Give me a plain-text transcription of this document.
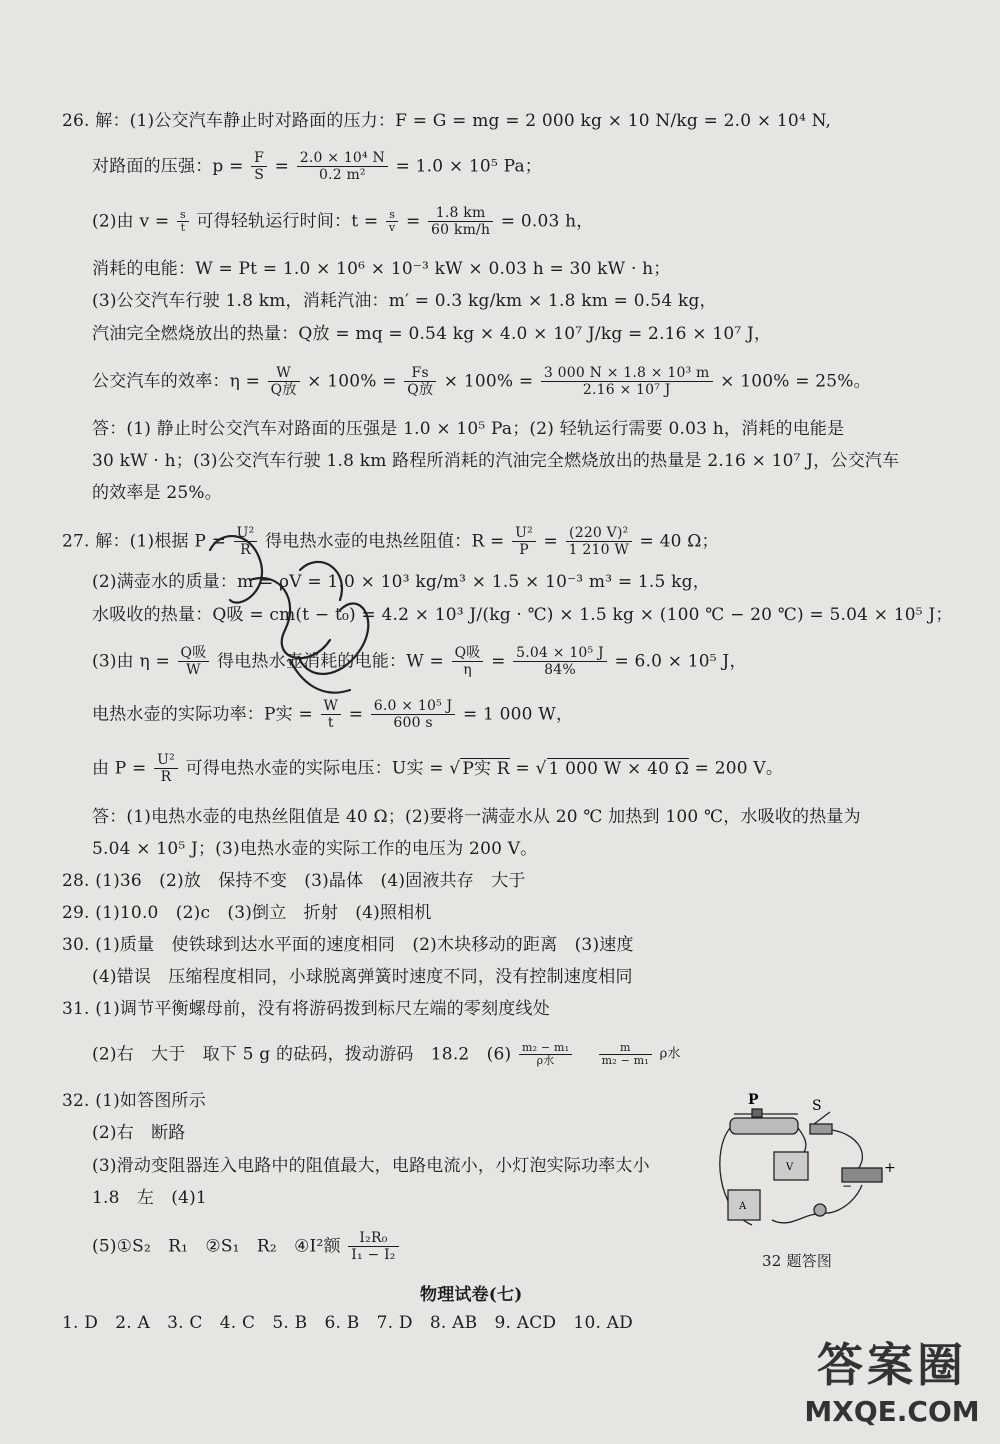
26. 解：(1)公交汽车静止时对路面的压力：F = G = mg = 2 000 kg × 10 N/kg = 2.0 × 10⁴ N,
对路面的压强：$p = \frac{F}{S} = \frac{\text{2.0 × 10⁴ N}}{\text{0.2 m²}} = 1.0 \times 10^5$ Pa；
(2)由 $v = \frac{s}{t}$ 可得轻轨运行时间：$t = \frac{s}{v} = \frac{1.8 km}{60 km/h} = 0.03$ h，
消耗的电能：W = Pt = 1.0 × 10⁶ × 10⁻³ kW × 0.03 h = 30 kW · h；
(3)公交汽车行驶 1.8 km，消耗汽油：m′ = 0.3 kg/km × 1.8 km = 0.54 kg，
汽油完全燃烧放出的热量：Q放 = mq = 0.54 kg × 4.0 × 10⁷ J/kg = 2.16 × 10⁷ J，
公交汽车的效率：$\eta = \frac{W}{\text{Q放}} \times 100\% = \frac{Fs}{\text{Q放}} \times 100\% = \frac{\text{3 000 N × 1.8 × 10³ m}}{\text{2.16 × 10⁷ J}} \times 100\% = 25\%$。
答：(1) 静止时公交汽车对路面的压强是 1.0 × 10⁵ Pa；(2) 轻轨运行需要 0.03 h，消耗的电能是
30 kW · h；(3)公交汽车行驶 1.8 km 路程所消耗的汽油完全燃烧放出的热量是 2.16 × 10⁷ J，公交汽车
的效率是 25%。
27. 解：(1)根据 $P = \frac{\text{U²}}{R}$ 得电热水壶的电热丝阻值：$R = \frac{\text{U²}}{P} = \frac{\text{(220 V)²}}{1 210 W} = 40$ Ω；
(2)满壶水的质量：m = ρV = 1.0 × 10³ kg/m³ × 1.5 × 10⁻³ m³ = 1.5 kg，
水吸收的热量：Q吸 = cm(t − t₀) = 4.2 × 10³ J/(kg · ℃) × 1.5 kg × (100 ℃ − 20 ℃) = 5.04 × 10⁵ J；
(3)由 $\eta = \frac{\text{Q吸}}{W}$ 得电热水壶消耗的电能：$W = \frac{\text{Q吸}}{\eta} = \frac{\text{5.04 × 10⁵ J}}{84\%} = 6.0 \times 10^5$ J，
电热水壶的实际功率：P实 = $\frac{W}{t} = \frac{\text{6.0 × 10⁵ J}}{600 s} = 1$ 000 W，
由 $P = \frac{\text{U²}}{R}$ 可得电热水壶的实际电压：U实 = √ P实 R = √ 1 000 W × 40 Ω = 200 V。
答：(1)电热水壶的电热丝阻值是 40 Ω；(2)要将一满壶水从 20 ℃ 加热到 100 ℃，水吸收的热量为
5.04 × 10⁵ J；(3)电热水壶的实际工作的电压为 200 V。
28. (1)36　(2)放　保持不变　(3)晶体　(4)固液共存　大于
29. (1)10.0　(2)c　(3)倒立　折射　(4)照相机
30. (1)质量　使铁球到达水平面的速度相同　(2)木块移动的距离　(3)速度
(4)错误　压缩程度相同，小球脱离弹簧时速度不同，没有控制速度相同
31. (1)调节平衡螺母前，没有将游码拨到标尺左端的零刻度线处
(2)右　大于　取下 5 g 的砝码，拨动游码　18.2　$(6) \frac{\text{m₂ − m₁}}{\text{ρ水}}$
$\frac{m}{\text{m₂ − m₁}}$ ρ水
32. (1)如答图所示
(2)右　断路
(3)滑动变阻器连入电路中的阻值最大，电路电流小，小灯泡实际功率太小
1.8　左　(4)1
(5)①S₂　R₁　②S₁　R₂　④I²额 $\frac{\text{I₂R₀}}{\text{I₁ − I₂}}$
P	S
+
−
V
A
32 题答图
物理试卷(七)
1. D　2. A　3. C　4. C　5. B　6. B　7. D　8. AB　9. ACD　10. AD
答案圈
MXQE.COM
